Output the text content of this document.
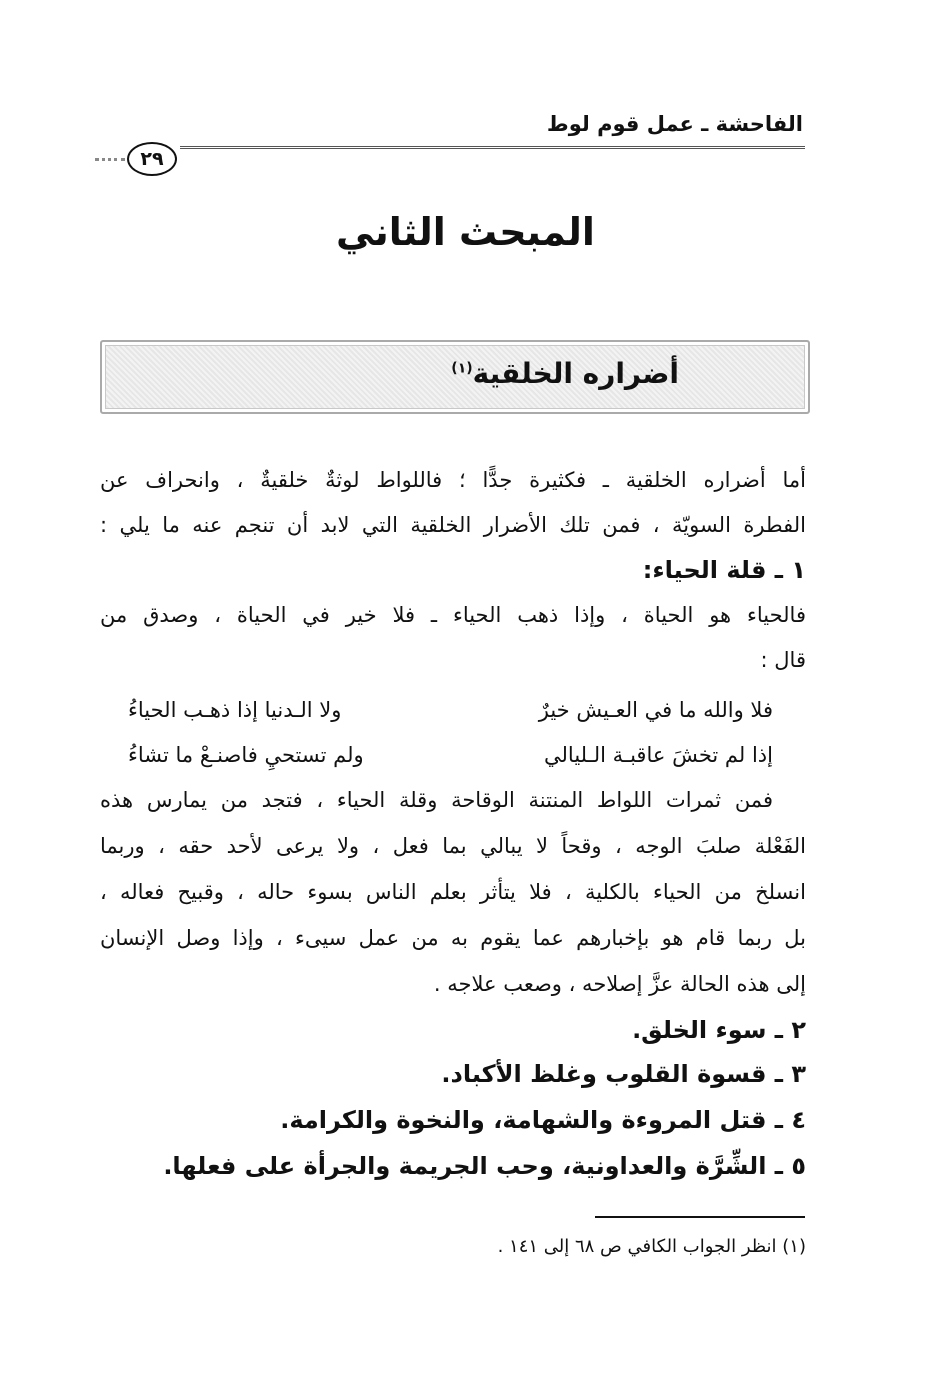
الفاحشة ـ عمل قوم لوط
٢٩
المبحث الثاني
أضراره الخلقية$^{(١)}$
أما أضراره الخلقية ـ فكثيرة جدًّا ؛ فاللواط لوثةٌ خلقيةٌ ، وانحراف عن
الفطرة السويّة ، فمن تلك الأضرار الخلقية التي لابد أن تنجم عنه ما يلي :
١ ـ قلة الحياء:
فالحياء هو الحياة ، وإذا ذهب الحياء ـ فلا خير في الحياة ، وصدق من
قال :
فلا والله ما في العـيش خيرٌ
ولا الـدنيا إذا ذهـب الحياءُ
إذا لم تخشَ عاقبـة الـليالي
ولم تستحيِ فاصنـعْ ما تشاءُ
فمن ثمرات اللواط المنتنة الوقاحة وقلة الحياء ، فتجد من يمارس هذه
الفَعْلة صلبَ الوجه ، وقحاً لا يبالي بما فعل ، ولا يرعى لأحد حقه ، وربما
انسلخ من الحياء بالكلية ، فلا يتأثر بعلم الناس بسوء حاله ، وقبيح فعاله ،
بل ربما قام هو بإخبارهم عما يقوم به من عمل سيىء ، وإذا وصل الإنسان
إلى هذه الحالة عزَّ إصلاحه ، وصعب علاجه .
٢ ـ سوء الخلق.
٣ ـ قسوة القلوب وغلظ الأكباد.
٤ ـ قتل المروءة والشهامة، والنخوة والكرامة.
٥ ـ الشِّرَّة والعداونية، وحب الجريمة والجرأة على فعلها.
(١) انظر الجواب الكافي ص ٦٨ إلى ١٤١ .
